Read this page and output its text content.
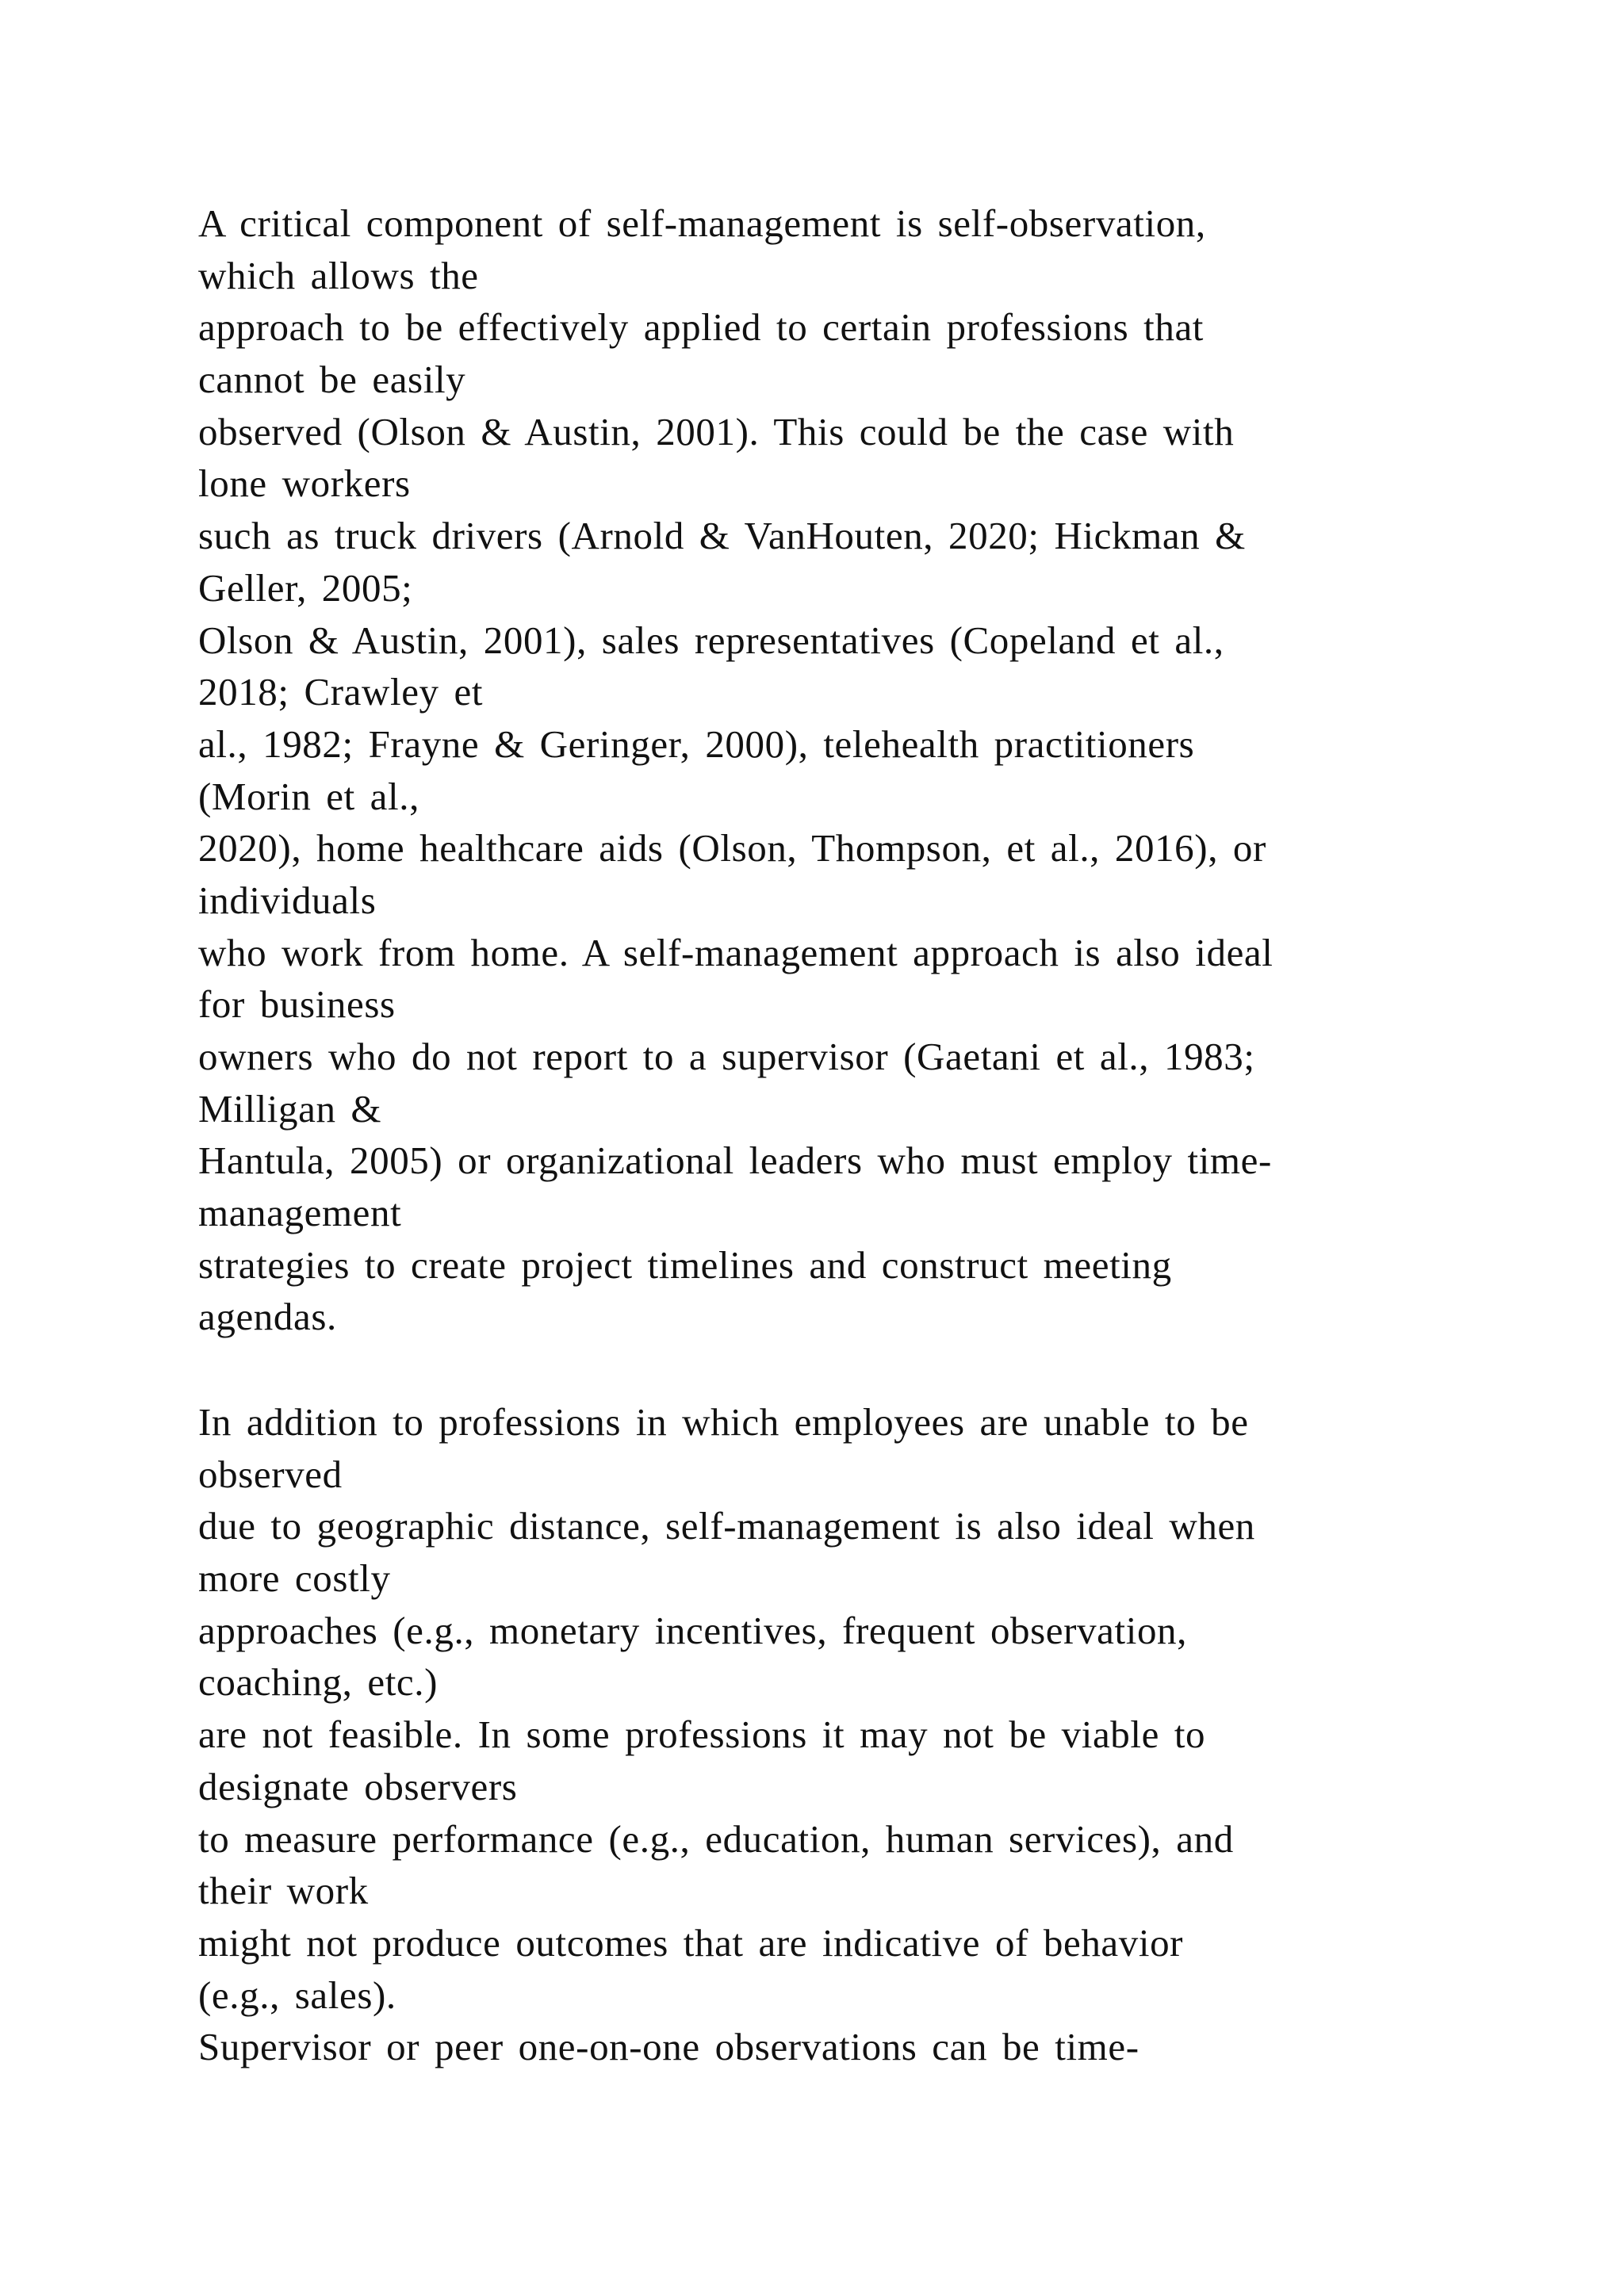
A critical component of self-management is self-observation,
which allows the
approach to be effectively applied to certain professions that
cannot be easily
observed (Olson & Austin, 2001). This could be the case with
lone workers
such as truck drivers (Arnold & VanHouten, 2020; Hickman &
Geller, 2005;
Olson & Austin, 2001), sales representatives (Copeland et al.,
2018; Crawley et
al., 1982; Frayne & Geringer, 2000), telehealth practitioners
(Morin et al.,
2020), home healthcare aids (Olson, Thompson, et al., 2016), or
individuals
who work from home. A self-management approach is also ideal
for business
owners who do not report to a supervisor (Gaetani et al., 1983;
Milligan &
Hantula, 2005) or organizational leaders who must employ time-
management
strategies to create project timelines and construct meeting
agendas.
In addition to professions in which employees are unable to be
observed
due to geographic distance, self-management is also ideal when
more costly
approaches (e.g., monetary incentives, frequent observation,
coaching, etc.)
are not feasible. In some professions it may not be viable to
designate observers
to measure performance (e.g., education, human services), and
their work
might not produce outcomes that are indicative of behavior
(e.g., sales).
Supervisor or peer one-on-one observations can be time-
